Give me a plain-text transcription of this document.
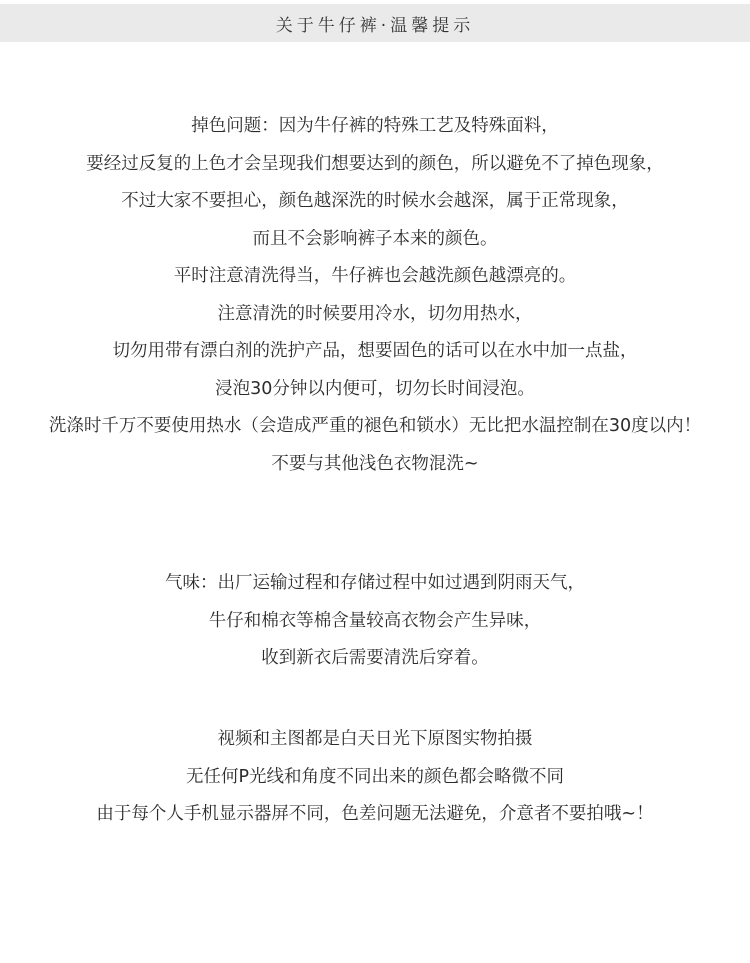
关于牛仔裤·温馨提示
掉色问题：因为牛仔裤的特殊工艺及特殊面料，
要经过反复的上色才会呈现我们想要达到的颜色，所以避免不了掉色现象，
不过大家不要担心，颜色越深洗的时候水会越深，属于正常现象，
而且不会影响裤子本来的颜色。
平时注意清洗得当，牛仔裤也会越洗颜色越漂亮的。
注意清洗的时候要用冷水，切勿用热水，
切勿用带有漂白剂的洗护产品，想要固色的话可以在水中加一点盐，
浸泡30分钟以内便可，切勿长时间浸泡。
洗涤时千万不要使用热水（会造成严重的褪色和锁水）无比把水温控制在30度以内！
不要与其他浅色衣物混洗~
气味：出厂运输过程和存储过程中如过遇到阴雨天气，
牛仔和棉衣等棉含量较高衣物会产生异味，
收到新衣后需要清洗后穿着。
视频和主图都是白天日光下原图实物拍摄
无任何P光线和角度不同出来的颜色都会略微不同
由于每个人手机显示器屏不同，色差问题无法避免，介意者不要拍哦~！
